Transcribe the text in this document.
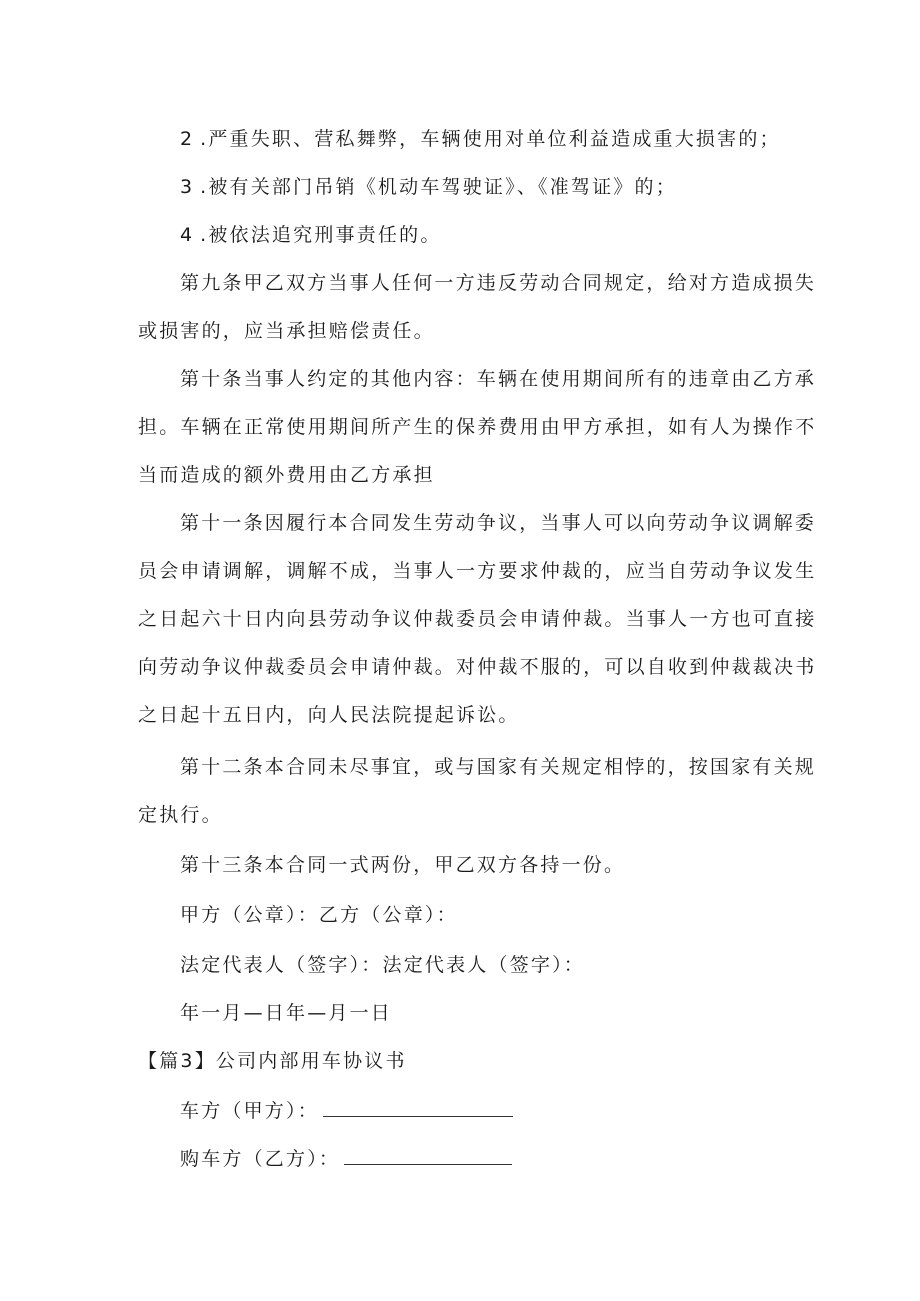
2 .严重失职、营私舞弊，车辆使用对单位利益造成重大损害的；
3 .被有关部门吊销《机动车驾驶证》、《准驾证》的；
4 .被依法追究刑事责任的。
第九条甲乙双方当事人任何一方违反劳动合同规定，给对方造成损失
或损害的，应当承担赔偿责任。
第十条当事人约定的其他内容：车辆在使用期间所有的违章由乙方承
担。车辆在正常使用期间所产生的保养费用由甲方承担，如有人为操作不
当而造成的额外费用由乙方承担
第十一条因履行本合同发生劳动争议，当事人可以向劳动争议调解委
员会申请调解，调解不成，当事人一方要求仲裁的，应当自劳动争议发生
之日起六十日内向县劳动争议仲裁委员会申请仲裁。当事人一方也可直接
向劳动争议仲裁委员会申请仲裁。对仲裁不服的，可以自收到仲裁裁决书
之日起十五日内，向人民法院提起诉讼。
第十二条本合同未尽事宜，或与国家有关规定相悖的，按国家有关规
定执行。
第十三条本合同一式两份，甲乙双方各持一份。
甲方（公章）：乙方（公章）：
法定代表人（签字）：法定代表人（签字）：
年一月—日年—月一日
【篇3】公司内部用车协议书
车方（甲方）：
购车方（乙方）：
